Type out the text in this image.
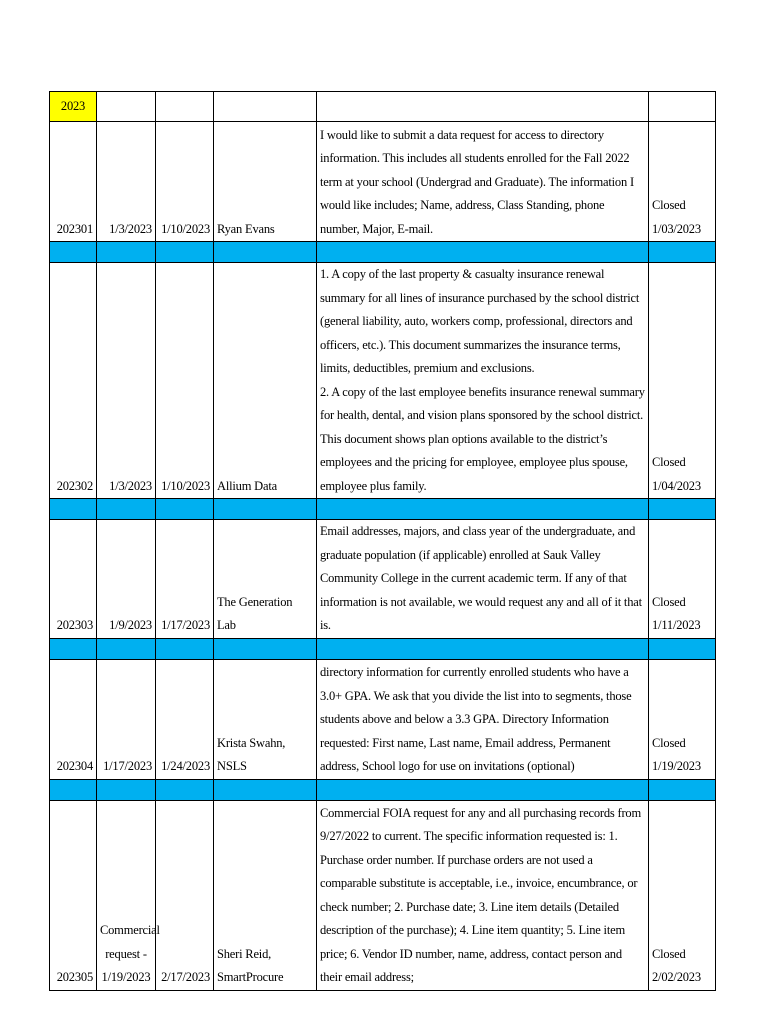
2023					
202301	1/3/2023	1/10/2023	Ryan Evans	I would like to submit a data request for access to directory information. This includes all students enrolled for the Fall 2022 term at your school (Undergrad and Graduate). The information I would like includes; Name, address, Class Standing, phone number, Major, E-mail.	Closed
1/03/2023

202302	1/3/2023	1/10/2023	Allium Data	1. A copy of the last property & casualty insurance renewal summary for all lines of insurance purchased by the school district (general liability, auto, workers comp, professional, directors and officers, etc.). This document summarizes the insurance terms, limits, deductibles, premium and exclusions.
2. A copy of the last employee benefits insurance renewal summary for health, dental, and vision plans sponsored by the school district. This document shows plan options available to the district’s employees and the pricing for employee, employee plus spouse, employee plus family.	Closed
1/04/2023

202303	1/9/2023	1/17/2023	The Generation Lab	Email addresses, majors, and class year of the undergraduate, and graduate population (if applicable) enrolled at Sauk Valley Community College in the current academic term. If any of that information is not available, we would request any and all of it that is.	Closed
1/11/2023

202304	1/17/2023	1/24/2023	Krista Swahn, NSLS	directory information for currently enrolled students who have a 3.0+ GPA. We ask that you divide the list into to segments, those students above and below a 3.3 GPA. Directory Information requested: First name, Last name, Email address, Permanent address, School logo for use on invitations (optional)	Closed
1/19/2023

202305	Commercial request - 1/19/2023	2/17/2023	Sheri Reid, SmartProcure	Commercial FOIA request for any and all purchasing records from 9/27/2022 to current. The specific information requested is: 1. Purchase order number. If purchase orders are not used a comparable substitute is acceptable, i.e., invoice, encumbrance, or check number; 2. Purchase date; 3. Line item details (Detailed description of the purchase); 4. Line item quantity; 5. Line item price; 6. Vendor ID number, name, address, contact person and their email address;	Closed
2/02/2023
